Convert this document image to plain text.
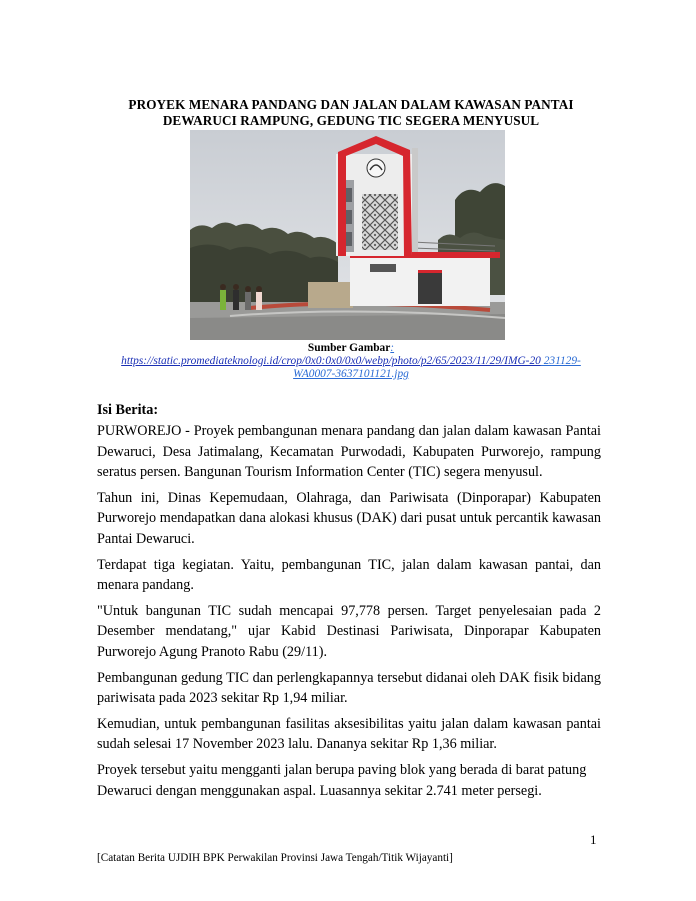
PROYEK MENARA PANDANG DAN JALAN DALAM KAWASAN PANTAI
DEWARUCI RAMPUNG, GEDUNG TIC SEGERA MENYUSUL
Sumber Gambar:
https://static.promediateknologi.id/crop/0x0:0x0/0x0/webp/photo/p2/65/2023/11/29/IMG-20 231129-
WA0007-3637101121.jpg
Isi Berita:

PURWOREJO - Proyek pembangunan menara pandang dan jalan dalam kawasan Pantai Dewaruci, Desa Jatimalang, Kecamatan Purwodadi, Kabupaten Purworejo, rampung seratus persen. Bangunan Tourism Information Center (TIC) segera menyusul.

Tahun ini, Dinas Kepemudaan, Olahraga, dan Pariwisata (Dinporapar) Kabupaten Purworejo mendapatkan dana alokasi khusus (DAK) dari pusat untuk percantik kawasan Pantai Dewaruci.

Terdapat tiga kegiatan. Yaitu, pembangunan TIC, jalan dalam kawasan pantai, dan menara pandang.

"Untuk bangunan TIC sudah mencapai 97,778 persen. Target penyelesaian pada 2 Desember mendatang," ujar Kabid Destinasi Pariwisata, Dinporapar Kabupaten Purworejo Agung Pranoto Rabu (29/11).

Pembangunan gedung TIC dan perlengkapannya tersebut didanai oleh DAK fisik bidang pariwisata pada 2023 sekitar Rp 1,94 miliar.

Kemudian, untuk pembangunan fasilitas aksesibilitas yaitu jalan dalam kawasan pantai sudah selesai 17 November 2023 lalu. Dananya sekitar Rp 1,36 miliar.

Proyek tersebut yaitu mengganti jalan berupa paving blok yang berada di barat patung Dewaruci dengan menggunakan aspal. Luasannya sekitar 2.741 meter persegi.

1
[Catatan Berita UJDIH BPK Perwakilan Provinsi Jawa Tengah/Titik Wijayanti]
